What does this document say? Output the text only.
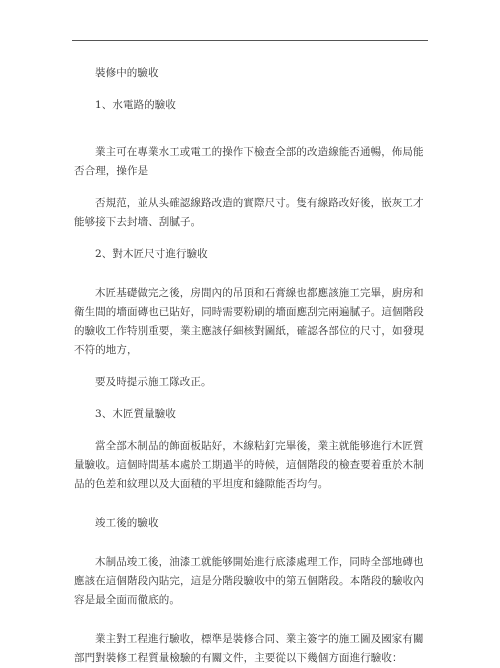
裝修中的驗收

1、水電路的驗收

業主可在專業水工或電工的操作下檢查全部的改造線能否通暢，佈局能否合理，操作是

否規范，並从头確認線路改造的實際尺寸。隻有線路改好後，嵌灰工才能够接下去封墻、刮膩子。

2、對木匠尺寸進行驗收

木匠基礎做完之後，房間內的吊頂和石膏線也都應該施工完畢，廚房和衛生間的墻面磚也已貼好，同時需要粉刷的墻面應刮完兩遍膩子。這個階段的驗收工作特別重要，業主應該仔細核對圖紙，確認各部位的尺寸，如發現不符的地方，

要及時提示施工隊改正。

3、木匠質量驗收

當全部木制品的飾面板貼好，木線粘釘完畢後，業主就能够進行木匠質量驗收。這個時間基本處於工期過半的時候，這個階段的檢查要着重於木制品的色差和紋理以及大面積的平坦度和縫隙能否均勻。

竣工後的驗收

木制品竣工後，油漆工就能够開始進行底漆處理工作，同時全部地磚也應該在這個階段內貼完，這是分階段驗收中的第五個階段。本階段的驗收內容是最全面而徹底的。

業主對工程進行驗收，標準是裝修合同、業主簽字的施工圖及國家有關部門對裝修工程質量檢驗的有關文件，主要從以下幾個方面進行驗收：
